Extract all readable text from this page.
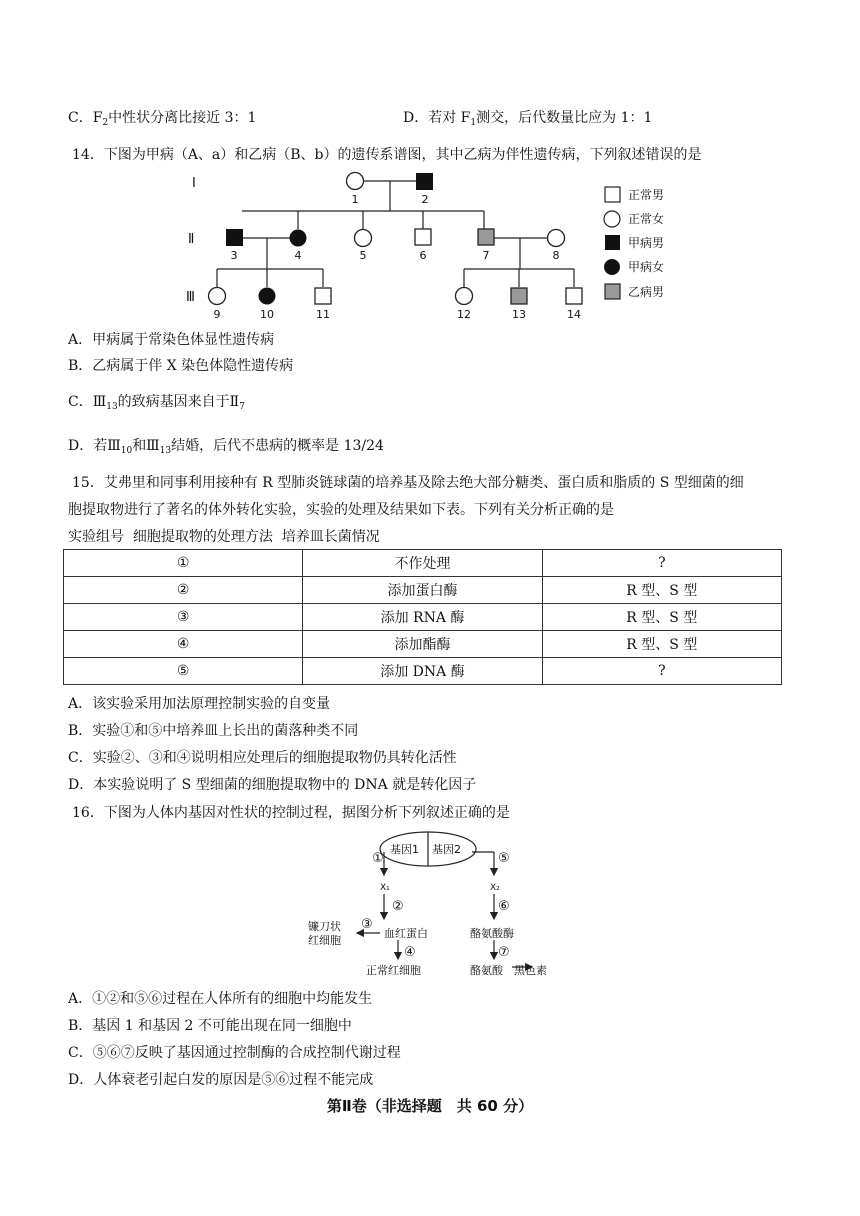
C．$F_2$中性状分离比接近 3：1	D．若对 $F_1$测交，后代数量比应为 1：1
14．下图为甲病（A、a）和乙病（B、b）的遗传系谱图，其中乙病为伴性遗传病，下列叙述错误的是
Ⅰ
Ⅱ
Ⅲ
1	2
3	4	5	6	7	8
9	10	11	12	13	14
正常男
正常女
甲病男
甲病女
乙病男
A．甲病属于常染色体显性遗传病
B．乙病属于伴 X 染色体隐性遗传病
C．$Ⅲ_{13}$的致病基因来自于$Ⅱ_7$
D．若$Ⅲ_{10}$和$Ⅲ_{13}$结婚，后代不患病的概率是 13/24
15．艾弗里和同事利用接种有 R 型肺炎链球菌的培养基及除去绝大部分糖类、蛋白质和脂质的 S 型细菌的细
胞提取物进行了著名的体外转化实验，实验的处理及结果如下表。下列有关分析正确的是
实验组号  细胞提取物的处理方法  培养皿长菌情况
①	不作处理	?
②	添加蛋白酶	R 型、S 型
③	添加 RNA 酶	R 型、S 型
④	添加酯酶	R 型、S 型
⑤	添加 DNA 酶	?
A．该实验采用加法原理控制实验的自变量
B．实验①和⑤中培养皿上长出的菌落种类不同
C．实验②、③和④说明相应处理后的细胞提取物仍具转化活性
D．本实验说明了 S 型细菌的细胞提取物中的 DNA 就是转化因子
16．下图为人体内基因对性状的控制过程，据图分析下列叙述正确的是
基因1 基因2
①
X₁
②
③
镰刀状
红细胞
血红蛋白
④
正常红细胞
⑤
X₂
⑥
酪氨酸酶
⑦
酪氨酸 黑色素
A．①②和⑤⑥过程在人体所有的细胞中均能发生
B．基因 1 和基因 2 不可能出现在同一细胞中
C．⑤⑥⑦反映了基因通过控制酶的合成控制代谢过程
D．人体衰老引起白发的原因是⑤⑥过程不能完成
第Ⅱ卷（非选择题　共 60 分）
